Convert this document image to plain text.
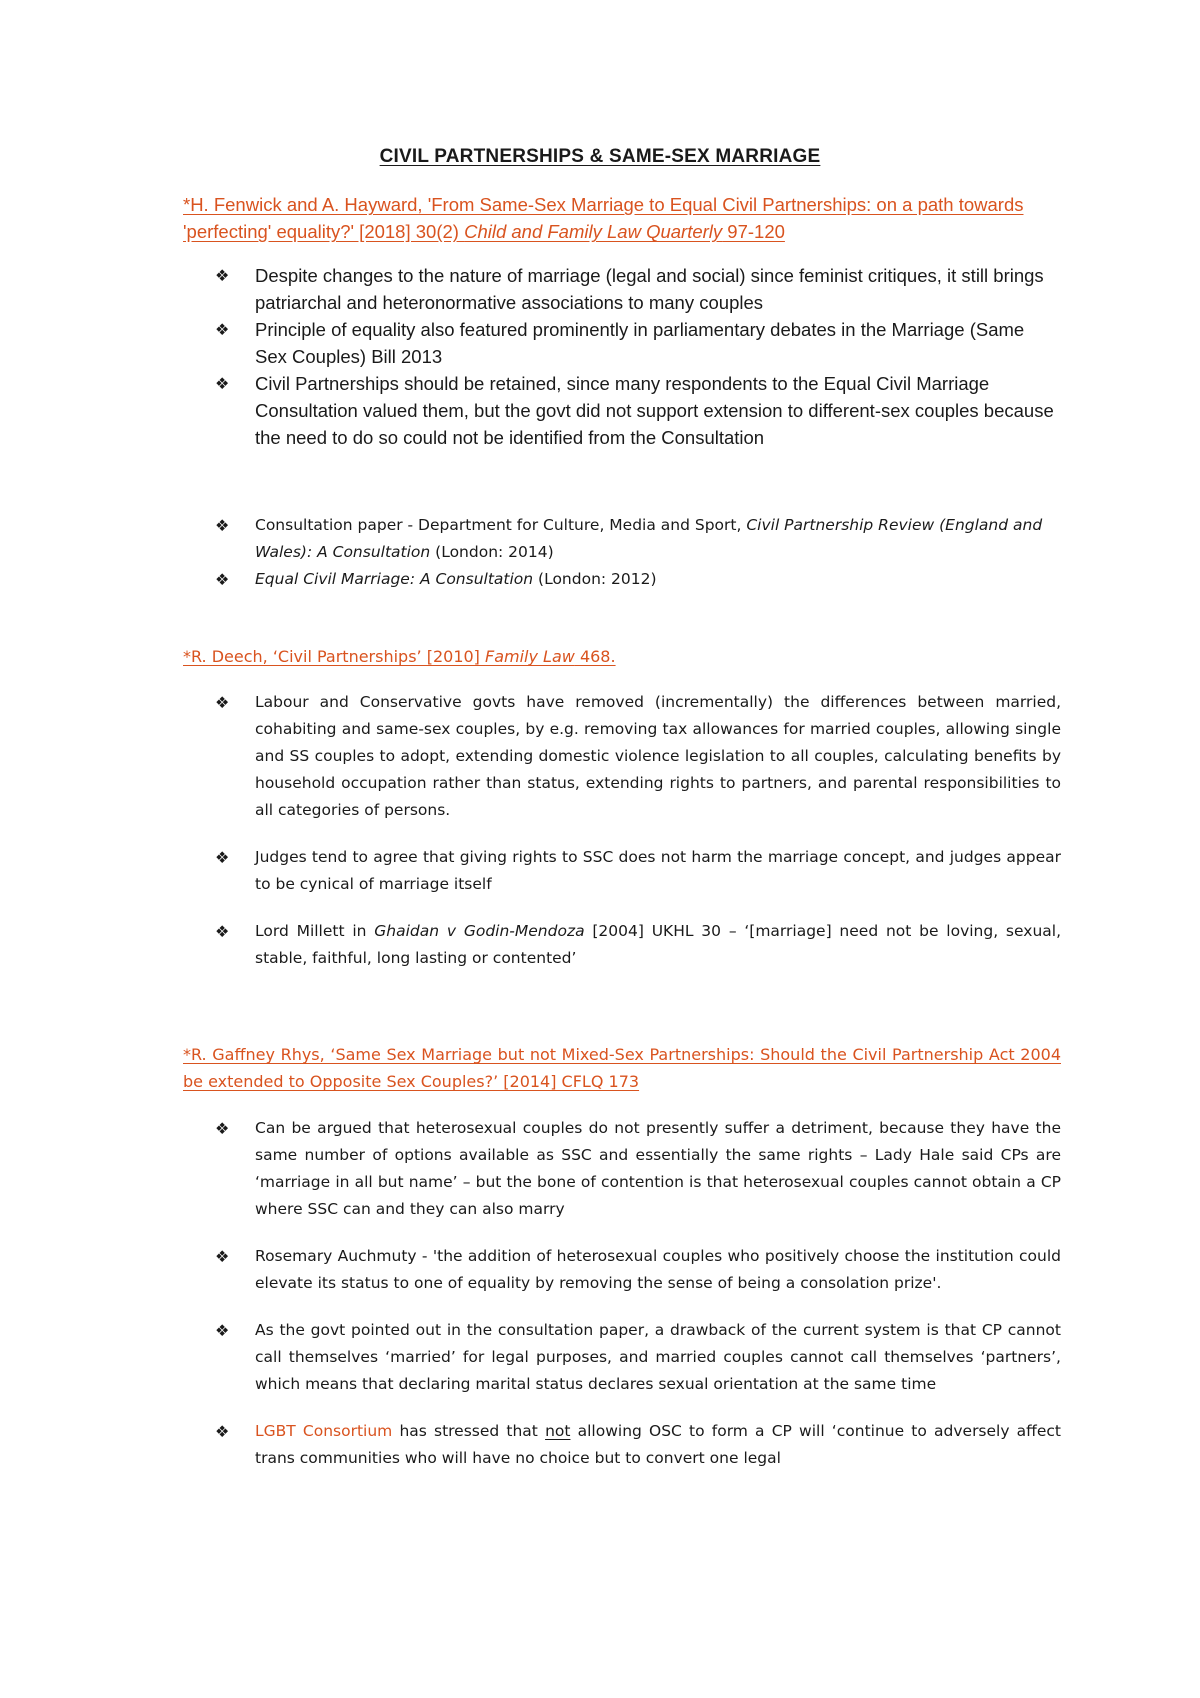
CIVIL PARTNERSHIPS & SAME-SEX MARRIAGE
*H. Fenwick and A. Hayward, 'From Same-Sex Marriage to Equal Civil Partnerships: on a path towards 'perfecting' equality?' [2018] 30(2) Child and Family Law Quarterly 97-120
❖ Despite changes to the nature of marriage (legal and social) since feminist critiques, it still brings patriarchal and heteronormative associations to many couples
❖ Principle of equality also featured prominently in parliamentary debates in the Marriage (Same Sex Couples) Bill 2013
❖ Civil Partnerships should be retained, since many respondents to the Equal Civil Marriage Consultation valued them, but the govt did not support extension to different-sex couples because the need to do so could not be identified from the Consultation
❖ Consultation paper - Department for Culture, Media and Sport, Civil Partnership Review (England and Wales): A Consultation (London: 2014)
❖ Equal Civil Marriage: A Consultation (London: 2012)
*R. Deech, ‘Civil Partnerships’ [2010] Family Law 468.
❖ Labour and Conservative govts have removed (incrementally) the differences between married, cohabiting and same-sex couples, by e.g. removing tax allowances for married couples, allowing single and SS couples to adopt, extending domestic violence legislation to all couples, calculating benefits by household occupation rather than status, extending rights to partners, and parental responsibilities to all categories of persons.
❖ Judges tend to agree that giving rights to SSC does not harm the marriage concept, and judges appear to be cynical of marriage itself
❖ Lord Millett in Ghaidan v Godin-Mendoza [2004] UKHL 30 – ‘[marriage] need not be loving, sexual, stable, faithful, long lasting or contented’
*R. Gaffney Rhys, ‘Same Sex Marriage but not Mixed-Sex Partnerships: Should the Civil Partnership Act 2004 be extended to Opposite Sex Couples?’ [2014] CFLQ 173
❖ Can be argued that heterosexual couples do not presently suffer a detriment, because they have the same number of options available as SSC and essentially the same rights – Lady Hale said CPs are ‘marriage in all but name’ – but the bone of contention is that heterosexual couples cannot obtain a CP where SSC can and they can also marry
❖ Rosemary Auchmuty - 'the addition of heterosexual couples who positively choose the institution could elevate its status to one of equality by removing the sense of being a consolation prize'.
❖ As the govt pointed out in the consultation paper, a drawback of the current system is that CP cannot call themselves ‘married’ for legal purposes, and married couples cannot call themselves ‘partners’, which means that declaring marital status declares sexual orientation at the same time
❖ LGBT Consortium has stressed that not allowing OSC to form a CP will ‘continue to adversely affect trans communities who will have no choice but to convert one legal
